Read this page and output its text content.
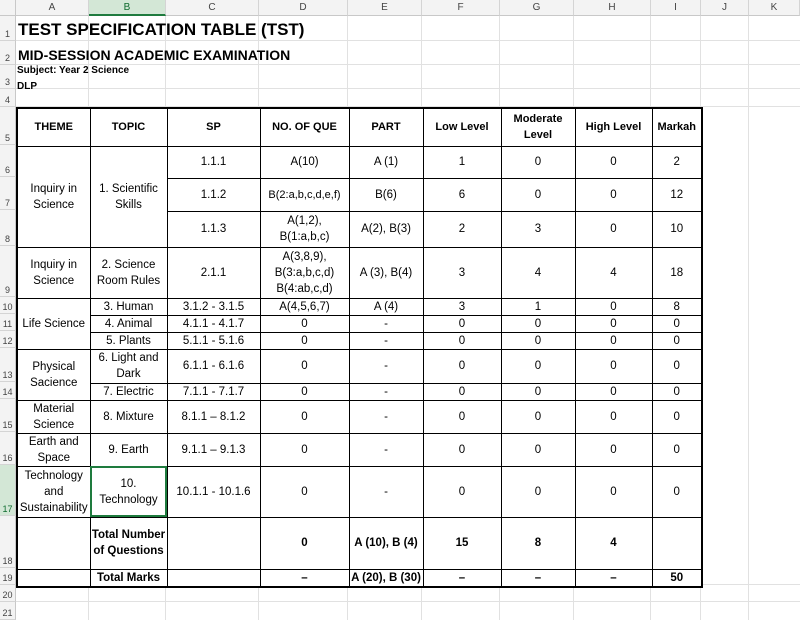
A	B	C	D	E	F	G	H	I	J	K
1
2
3
4
5
6
7
8
9
10
11
12
13
14
15
16
17
18
19
20
21
TEST SPECIFICATION TABLE (TST)
MID-SESSION ACADEMIC EXAMINATION
Subject: Year 2 Science
DLP
THEME	TOPIC	SP	NO. OF QUE	PART	Low Level	Moderate Level	High Level	Markah
Inquiry in Science	1. Scientific Skills	1.1.1	A(10)	A (1)	1	0	0	2
		1.1.2	B(2:a,b,c,d,e,f)	B(6)	6	0	0	12
		1.1.3	A(1,2), B(1:a,b,c)	A(2), B(3)	2	3	0	10
Inquiry in Science	2. Science Room Rules	2.1.1	A(3,8,9), B(3:a,b,c,d) B(4:ab,c,d)	A (3), B(4)	3	4	4	18
Life Science	3. Human	3.1.2 - 3.1.5	A(4,5,6,7)	A (4)	3	1	0	8
	4. Animal	4.1.1 - 4.1.7	0	-	0	0	0	0
	5. Plants	5.1.1 - 5.1.6	0	-	0	0	0	0
Physical Sacience	6. Light and Dark	6.1.1 - 6.1.6	0	-	0	0	0	0
	7. Electric	7.1.1 - 7.1.7	0	-	0	0	0	0
Material Science	8. Mixture	8.1.1 – 8.1.2	0	-	0	0	0	0
Earth and Space	9. Earth	9.1.1 – 9.1.3	0	-	0	0	0	0
Technology and Sustainability	10. Technology	10.1.1 - 10.1.6	0	-	0	0	0	0
	Total Number of Questions		0	A (10), B (4)	15	8	4	
	Total Marks		–	A (20), B (30)	–	–	–	50
